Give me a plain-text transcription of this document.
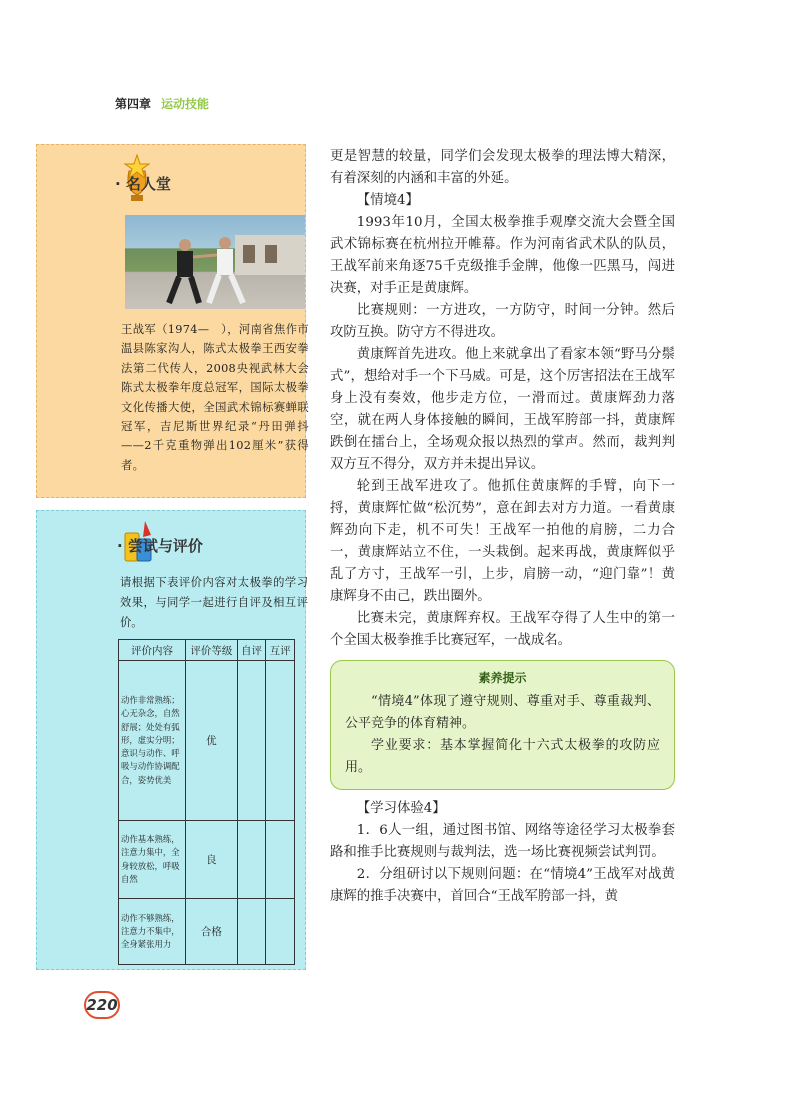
第四章 运动技能
· 名人堂
王战军（1974—　），河南省焦作市温县陈家沟人，陈式太极拳王西安拳法第二代传人，2008央视武林大会陈式太极拳年度总冠军，国际太极拳文化传播大使，全国武术锦标赛蝉联冠军，吉尼斯世界纪录“丹田弹抖——2千克重物弹出102厘米”获得者。
· 尝试与评价
请根据下表评价内容对太极拳的学习效果，与同学一起进行自评及相互评价。
评价内容	评价等级	自评	互评
动作非常熟练；心无杂念，自然舒展；处处有弧形，虚实分明；意识与动作、呼吸与动作协调配合，姿势优美	优		
动作基本熟练，注意力集中，全身较放松，呼吸自然	良		
动作不够熟练，注意力不集中，全身紧张用力	合格		

更是智慧的较量，同学们会发现太极拳的理法博大精深，有着深刻的内涵和丰富的外延。

【情境4】

1993年10月，全国太极拳推手观摩交流大会暨全国武术锦标赛在杭州拉开帷幕。作为河南省武术队的队员，王战军前来角逐75千克级推手金牌，他像一匹黑马，闯进决赛，对手正是黄康辉。

比赛规则：一方进攻，一方防守，时间一分钟。然后攻防互换。防守方不得进攻。

黄康辉首先进攻。他上来就拿出了看家本领“野马分鬃式”，想给对手一个下马威。可是，这个厉害招法在王战军身上没有奏效，他步走方位，一滑而过。黄康辉劲力落空，就在两人身体接触的瞬间，王战军胯部一抖，黄康辉跌倒在擂台上，全场观众报以热烈的掌声。然而，裁判判双方互不得分，双方并未提出异议。

轮到王战军进攻了。他抓住黄康辉的手臂，向下一捋，黄康辉忙做“松沉势”，意在卸去对方力道。一看黄康辉劲向下走，机不可失！王战军一拍他的肩膀，二力合一，黄康辉站立不住，一头栽倒。起来再战，黄康辉似乎乱了方寸，王战军一引，上步，肩膀一动，“迎门靠”！黄康辉身不由己，跌出圈外。

比赛未完，黄康辉弃权。王战军夺得了人生中的第一个全国太极拳推手比赛冠军，一战成名。

素养提示

“情境4”体现了遵守规则、尊重对手、尊重裁判、公平竞争的体育精神。

学业要求：基本掌握简化十六式太极拳的攻防应用。

【学习体验4】

1．6人一组，通过图书馆、网络等途径学习太极拳套路和推手比赛规则与裁判法，选一场比赛视频尝试判罚。

2．分组研讨以下规则问题：在“情境4”王战军对战黄康辉的推手决赛中，首回合“王战军胯部一抖，黄

220
